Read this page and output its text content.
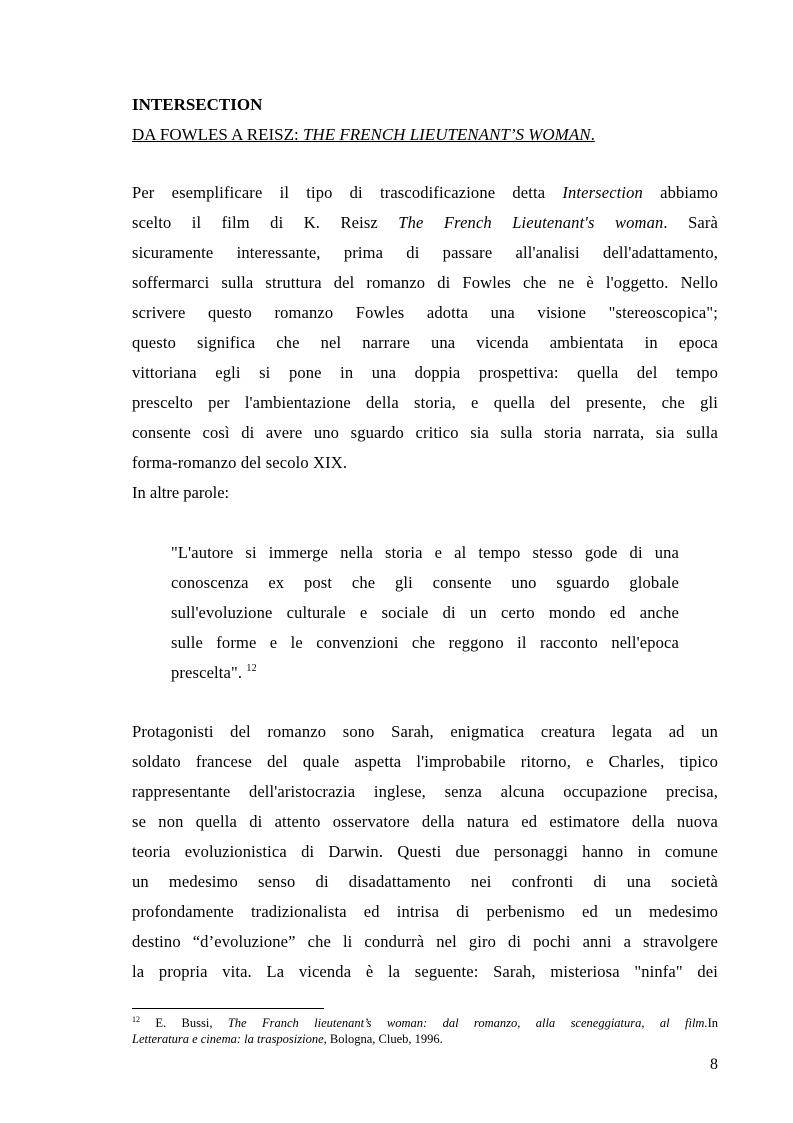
INTERSECTION
DA FOWLES A REISZ: THE FRENCH LIEUTENANT’S WOMAN.
Per esemplificare il tipo di trascodificazione detta Intersection abbiamo
scelto il film di K. Reisz The French Lieutenant's woman. Sarà
sicuramente interessante, prima di passare all'analisi dell'adattamento,
soffermarci sulla struttura del romanzo di Fowles che ne è l'oggetto. Nello
scrivere questo romanzo Fowles adotta una visione "stereoscopica";
questo significa che nel narrare una vicenda ambientata in epoca
vittoriana egli si pone in una doppia prospettiva: quella del tempo
prescelto per l'ambientazione della storia, e quella del presente, che gli
consente così di avere uno sguardo critico sia sulla storia narrata, sia sulla
forma-romanzo del secolo XIX.
In altre parole:
"L'autore si immerge nella storia e al tempo stesso gode di una
conoscenza ex post che gli consente uno sguardo globale
sull'evoluzione culturale e sociale di un certo mondo ed anche
sulle forme e le convenzioni che reggono il racconto nell'epoca
prescelta". $^{12}$
Protagonisti del romanzo sono Sarah, enigmatica creatura legata ad un
soldato francese del quale aspetta l'improbabile ritorno, e Charles, tipico
rappresentante dell'aristocrazia inglese, senza alcuna occupazione precisa,
se non quella di attento osservatore della natura ed estimatore della nuova
teoria evoluzionistica di Darwin. Questi due personaggi hanno in comune
un medesimo senso di disadattamento nei confronti di una società
profondamente tradizionalista ed intrisa di perbenismo ed un medesimo
destino “d’evoluzione” che li condurrà nel giro di pochi anni a stravolgere
la propria vita. La vicenda è la seguente: Sarah, misteriosa "ninfa" dei
$^{12}$ E. Bussi, The Franch lieutenant’s woman: dal romanzo, alla sceneggiatura, al film.In
Letteratura e cinema: la trasposizione, Bologna, Clueb, 1996.
8
